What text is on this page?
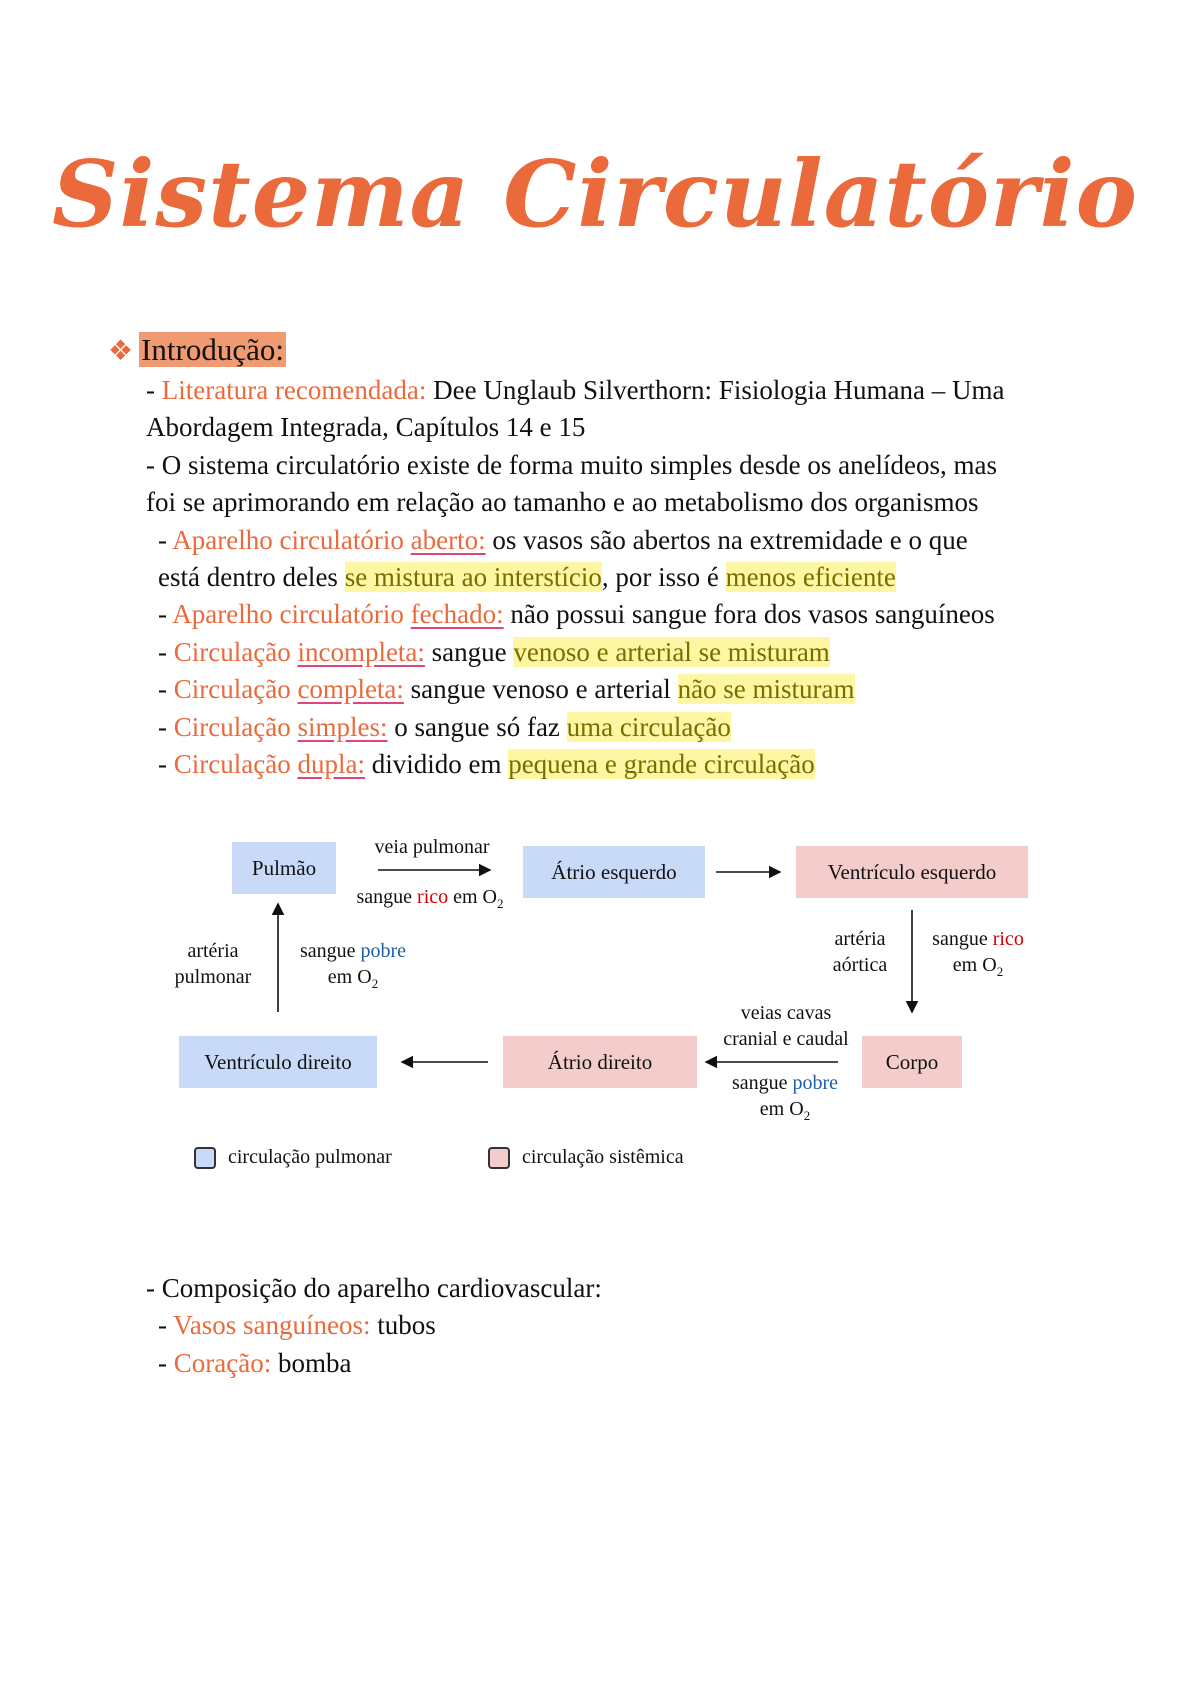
Sistema Circulatório
❖ Introdução:
- Literatura recomendada: Dee Unglaub Silverthorn: Fisiologia Humana – Uma
Abordagem Integrada, Capítulos 14 e 15
- O sistema circulatório existe de forma muito simples desde os anelídeos, mas
foi se aprimorando em relação ao tamanho e ao metabolismo dos organismos
- Aparelho circulatório aberto: os vasos são abertos na extremidade e o que
está dentro deles se mistura ao interstício, por isso é menos eficiente
- Aparelho circulatório fechado: não possui sangue fora dos vasos sanguíneos
- Circulação incompleta: sangue venoso e arterial se misturam
- Circulação completa: sangue venoso e arterial não se misturam
- Circulação simples: o sangue só faz uma circulação
- Circulação dupla: dividido em pequena e grande circulação
Pulmão	Átrio esquerdo	Ventrículo esquerdo
Corpo
Átrio direito
Ventrículo direito
veia pulmonar
sangue rico em $O_2$
artéria
pulmonar
sangue pobre
em $O_2$
artéria
aórtica
sangue rico
em $O_2$
veias cavas
cranial e caudal
sangue pobre
em $O_2$
circulação pulmonar	circulação sistêmica
- Composição do aparelho cardiovascular:
- Vasos sanguíneos: tubos
- Coração: bomba
